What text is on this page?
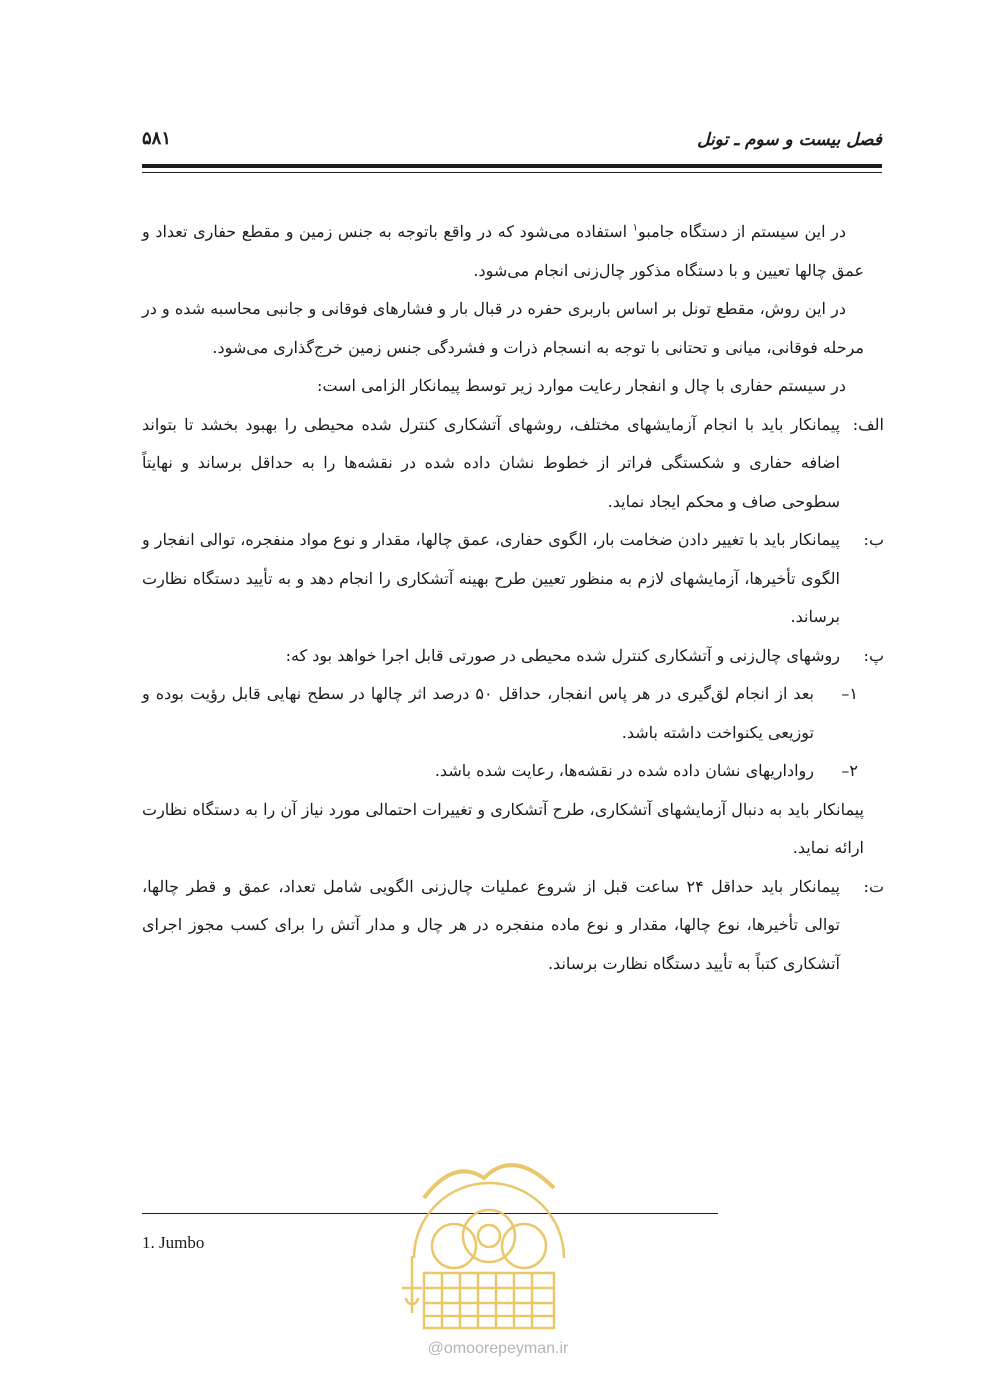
فصل بیست و سوم ـ تونل
۵۸۱

در این سیستم از دستگاه جامبو$^۱$ استفاده می‌شود که در واقع باتوجه به جنس زمین و مقطع حفاری تعداد و عمق چالها تعیین و با دستگاه مذکور چال‌زنی انجام می‌شود.

در این روش، مقطع تونل بر اساس باربری حفره در قبال بار و فشارهای فوقانی و جانبی محاسبه شده و در مرحله فوقانی، میانی و تحتانی با توجه به انسجام ذرات و فشردگی جنس زمین خرج‌گذاری می‌شود.

در سیستم حفاری با چال و انفجار رعایت موارد زیر توسط پیمانکار الزامی است:

الف:
پیمانکار باید با انجام آزمایشهای مختلف، روشهای آتشکاری کنترل شده محیطی را بهبود بخشد تا بتواند اضافه حفاری و شکستگی فراتر از خطوط نشان داده شده در نقشه‌ها را به حداقل برساند و نهایتاً سطوحی صاف و محکم ایجاد نماید.
ب:
پیمانکار باید با تغییر دادن ضخامت بار، الگوی حفاری، عمق چالها، مقدار و نوع مواد منفجره، توالی انفجار و الگوی تأخیرها، آزمایشهای لازم به منظور تعیین طرح بهینه آتشکاری را انجام دهد و به تأیید دستگاه نظارت برساند.
پ:
روشهای چال‌زنی و آتشکاری کنترل شده محیطی در صورتی قابل اجرا خواهد بود که:
۱–
بعد از انجام لق‌گیری در هر پاس انفجار، حداقل ۵۰ درصد اثر چالها در سطح نهایی قابل رؤیت بوده و توزیعی یکنواخت داشته باشد.
۲–
رواداریهای نشان داده شده در نقشه‌ها، رعایت شده باشد.

پیمانکار باید به دنبال آزمایشهای آتشکاری، طرح آتشکاری و تغییرات احتمالی مورد نیاز آن را به دستگاه نظارت ارائه نماید.

ت:
پیمانکار باید حداقل ۲۴ ساعت قبل از شروع عملیات چال‌زنی الگویی شامل تعداد، عمق و قطر چالها، توالی تأخیرها، نوع چالها، مقدار و نوع ماده منفجره در هر چال و مدار آتش را برای کسب مجوز اجرای آتشکاری کتباً به تأیید دستگاه نظارت برساند.
1. Jumbo
@omoorepeyman.ir
